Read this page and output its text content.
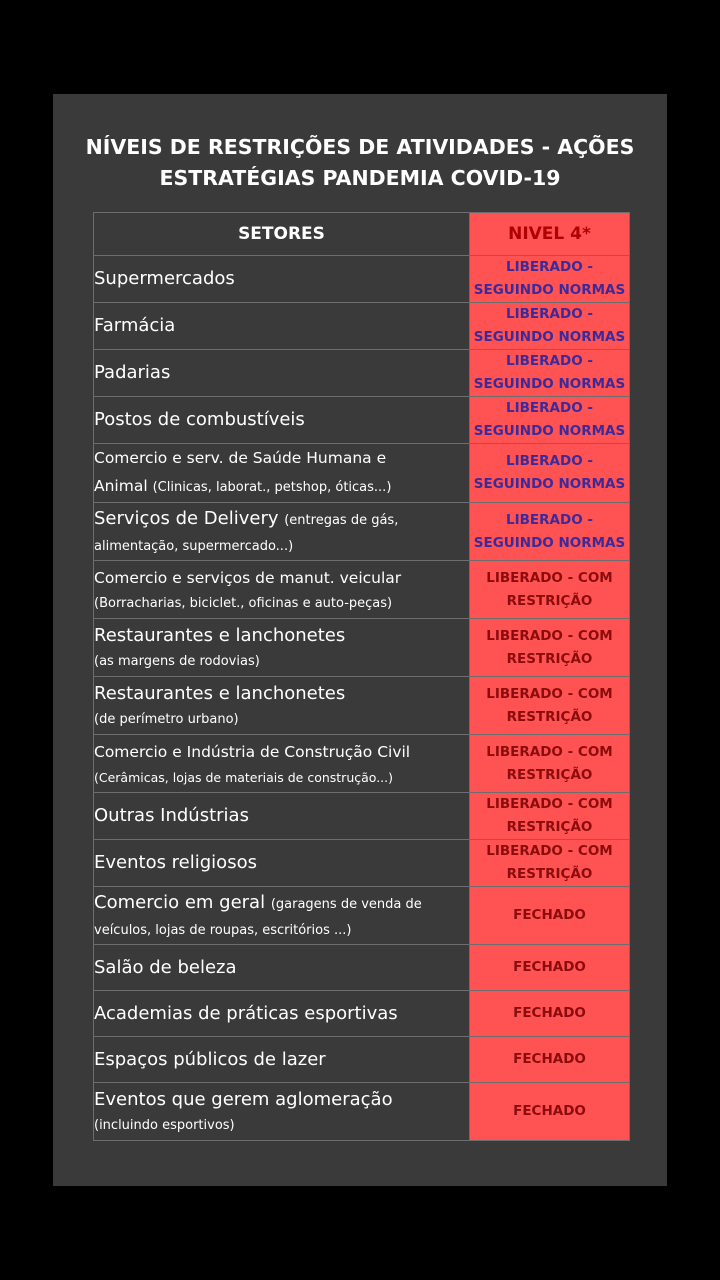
NÍVEIS DE RESTRIÇÕES DE ATIVIDADES - AÇÕES
ESTRATÉGIAS PANDEMIA COVID-19
SETORES	NIVEL 4*
Supermercados	LIBERADO -
SEGUINDO NORMAS

Farmácia	LIBERADO -
SEGUINDO NORMAS

Padarias	LIBERADO -
SEGUINDO NORMAS

Postos de combustíveis	LIBERADO -
SEGUINDO NORMAS

Comercio e serv. de Saúde Humana e
Animal (Clinicas, laborat., petshop, óticas...)	LIBERADO -
SEGUINDO NORMAS

Serviços de Delivery (entregas de gás,
alimentação, supermercado...)	LIBERADO -
SEGUINDO NORMAS

Comercio e serviços de manut. veicular
(Borracharias, biciclet., oficinas e auto-peças)	LIBERADO - COM
RESTRIÇÃO

Restaurantes e lanchonetes
(as margens de rodovias)	LIBERADO - COM
RESTRIÇÃO

Restaurantes e lanchonetes
(de perímetro urbano)	LIBERADO - COM
RESTRIÇÃO

Comercio e Indústria de Construção Civil
(Cerâmicas, lojas de materiais de construção...)	LIBERADO - COM
RESTRIÇÃO

Outras Indústrias	LIBERADO - COM
RESTRIÇÃO

Eventos religiosos	LIBERADO - COM
RESTRIÇÃO

Comercio em geral (garagens de venda de
veículos, lojas de roupas, escritórios ...)	FECHADO

Salão de beleza	FECHADO

Academias de práticas esportivas	FECHADO

Espaços públicos de lazer	FECHADO

Eventos que gerem aglomeração
(incluindo esportivos)	FECHADO
